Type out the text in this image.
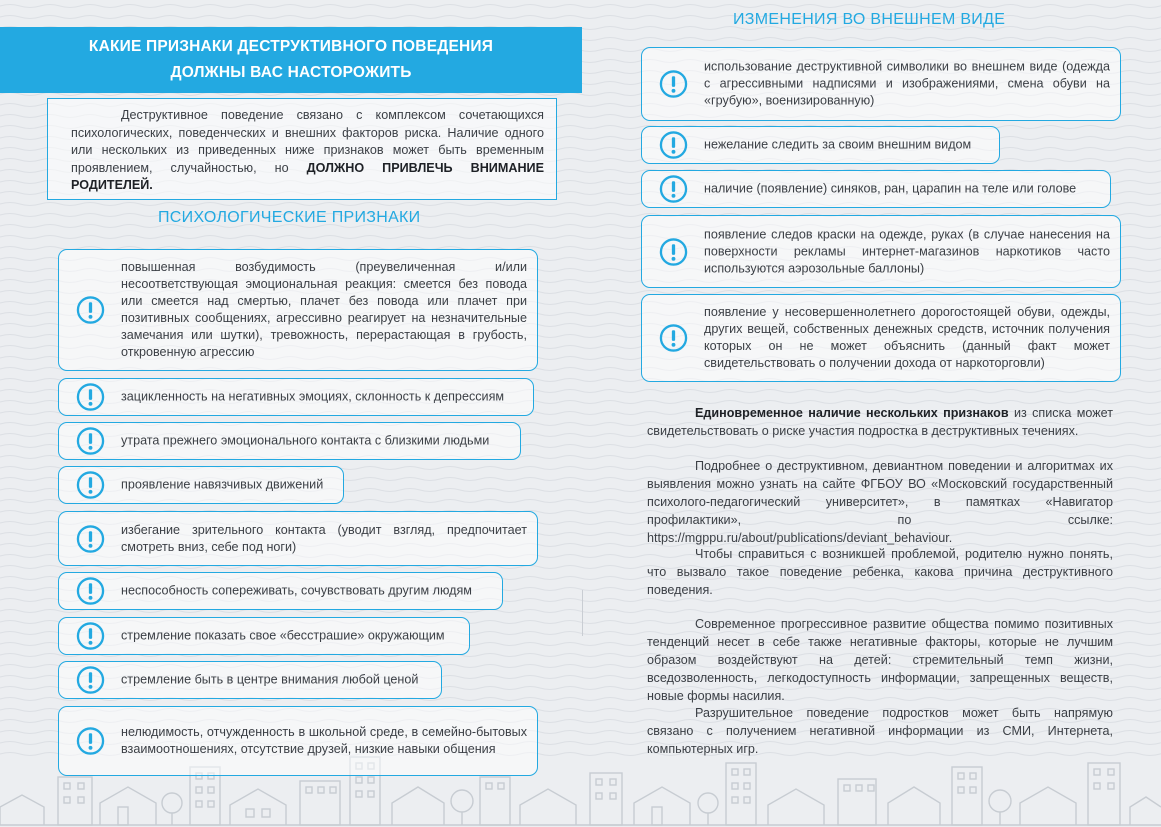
КАКИЕ ПРИЗНАКИ ДЕСТРУКТИВНОГО ПОВЕДЕНИЯ
ДОЛЖНЫ ВАС НАСТОРОЖИТЬ
Деструктивное поведение связано с комплексом сочетающихся психологических, поведенческих и внешних факторов риска. Наличие одного или нескольких из приведенных ниже признаков может быть временным проявлением, случайностью, но ДОЛЖНО ПРИВЛЕЧЬ ВНИМАНИЕ РОДИТЕЛЕЙ.
ПСИХОЛОГИЧЕСКИЕ ПРИЗНАКИ
повышенная возбудимость (преувеличенная и/или несоответствующая эмоциональная реакция: смеется без повода или смеется над смертью, плачет без повода или плачет при позитивных сообщениях, агрессивно реагирует на незначительные замечания или шутки), тревожность, перерастающая в грубость, откровенную агрессию
зацикленность на негативных эмоциях, склонность к депрессиям
утрата прежнего эмоционального контакта с близкими людьми
проявление навязчивых движений
избегание зрительного контакта (уводит взгляд, предпочитает смотреть вниз, себе под ноги)
неспособность сопереживать, сочувствовать другим людям
стремление показать свое «бесстрашие» окружающим
стремление быть в центре внимания любой ценой
нелюдимость, отчужденность в школьной среде, в семейно-бытовых взаимоотношениях, отсутствие друзей, низкие навыки общения
ИЗМЕНЕНИЯ ВО ВНЕШНЕМ ВИДЕ
использование деструктивной символики во внешнем виде (одежда с агрессивными надписями и изображениями, смена обуви на «грубую», военизированную)
нежелание следить за своим внешним видом
наличие (появление) синяков, ран, царапин на теле или голове
появление следов краски на одежде, руках (в случае нанесения на поверхности рекламы интернет-магазинов наркотиков часто используются аэрозольные баллоны)
появление у несовершеннолетнего дорогостоящей обуви, одежды, других вещей, собственных денежных средств, источник получения которых он не может объяснить (данный факт может свидетельствовать о получении дохода от наркоторговли)
Единовременное наличие нескольких признаков из списка может свидетельствовать о риске участия подростка в деструктивных течениях.
Подробнее о деструктивном, девиантном поведении и алгоритмах их выявления можно узнать на сайте ФГБОУ ВО «Московский государственный психолого-педагогический университет», в памятках «Навигатор профилактики», по ссылке: https://mgppu.ru/about/publications/deviant_behaviour.
Чтобы справиться с возникшей проблемой, родителю нужно понять, что вызвало такое поведение ребенка, какова причина деструктивного поведения.
Современное прогрессивное развитие общества помимо позитивных тенденций несет в себе также негативные факторы, которые не лучшим образом воздействуют на детей: стремительный темп жизни, вседозволенность, легкодоступность информации, запрещенных веществ, новые формы насилия.
Разрушительное поведение подростков может быть напрямую связано с получением негативной информации из СМИ, Интернета, компьютерных игр.
